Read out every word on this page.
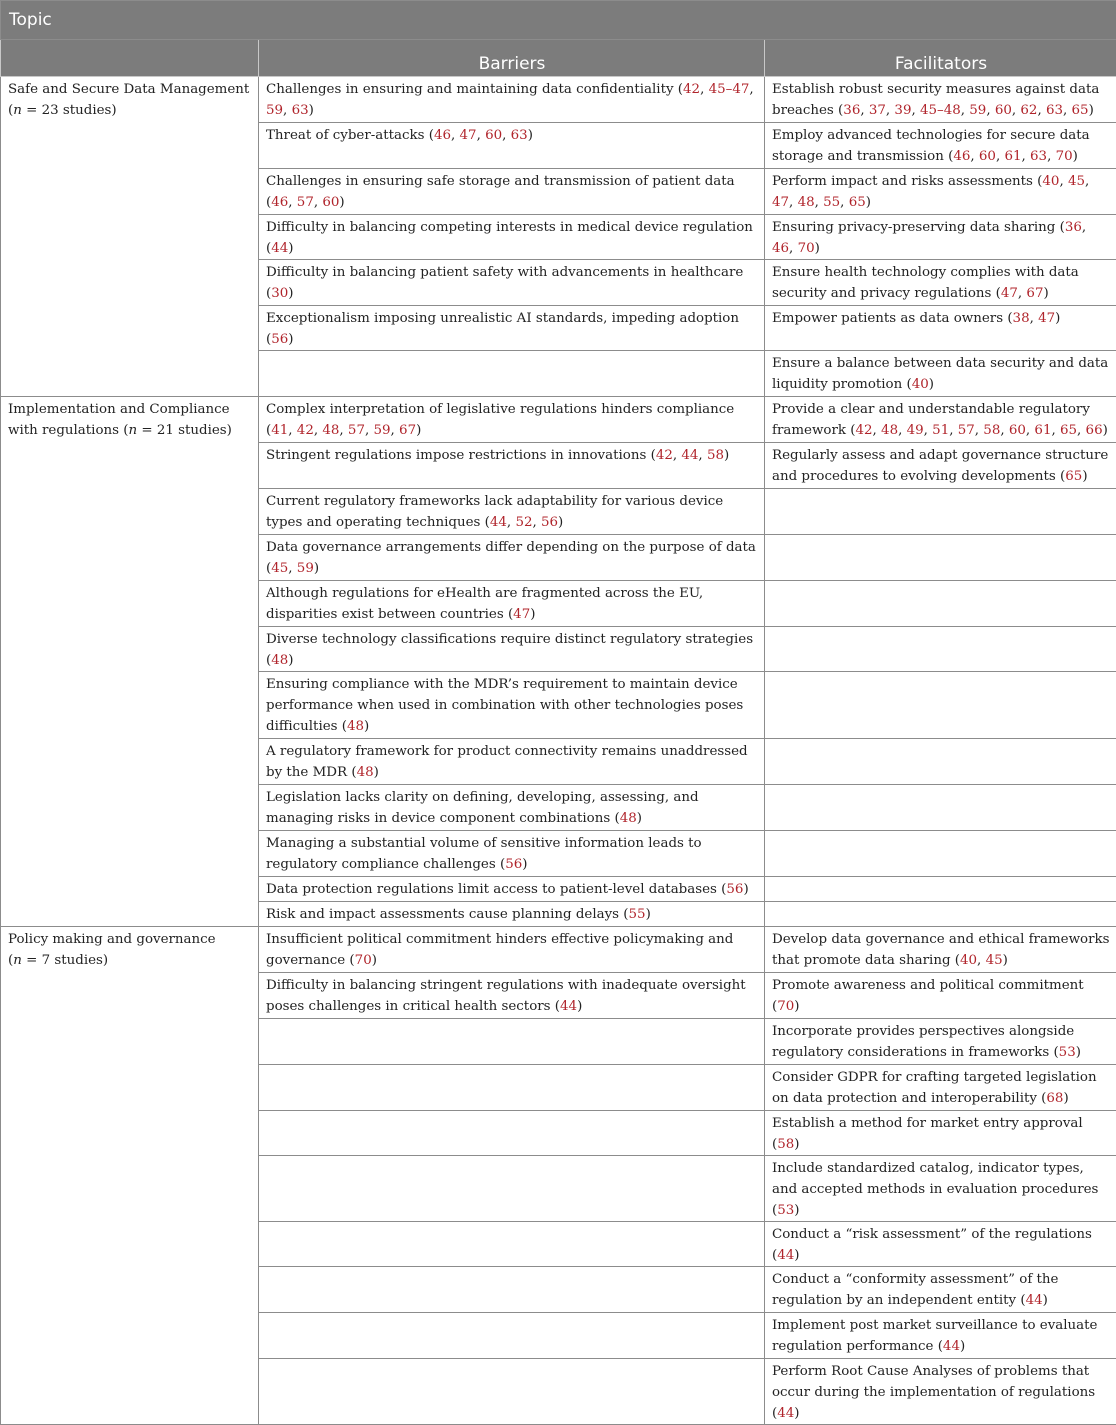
Topic		
	Barriers	Facilitators
Safe and Secure Data Management
(n = 23 studies)	Challenges in ensuring and maintaining data confidentiality (42, 45–47, 59, 63)	Establish robust security measures against data breaches (36, 37, 39, 45–48, 59, 60, 62, 63, 65)
	Threat of cyber-attacks (46, 47, 60, 63)	Employ advanced technologies for secure data storage and transmission (46, 60, 61, 63, 70)
	Challenges in ensuring safe storage and transmission of patient data (46, 57, 60)	Perform impact and risks assessments (40, 45, 47, 48, 55, 65)
	Difficulty in balancing competing interests in medical device regulation (44)	Ensuring privacy-preserving data sharing (36, 46, 70)
	Difficulty in balancing patient safety with advancements in healthcare (30)	Ensure health technology complies with data security and privacy regulations (47, 67)
	Exceptionalism imposing unrealistic AI standards, impeding adoption (56)	Empower patients as data owners (38, 47)
		Ensure a balance between data security and data liquidity promotion (40)
Implementation and Compliance with regulations (n = 21 studies)	Complex interpretation of legislative regulations hinders compliance (41, 42, 48, 57, 59, 67)	Provide a clear and understandable regulatory framework (42, 48, 49, 51, 57, 58, 60, 61, 65, 66)
	Stringent regulations impose restrictions in innovations (42, 44, 58)	Regularly assess and adapt governance structure and procedures to evolving developments (65)
	Current regulatory frameworks lack adaptability for various device types and operating techniques (44, 52, 56)	
	Data governance arrangements differ depending on the purpose of data (45, 59)	
	Although regulations for eHealth are fragmented across the EU, disparities exist between countries (47)	
	Diverse technology classifications require distinct regulatory strategies (48)	
	Ensuring compliance with the MDR’s requirement to maintain device performance when used in combination with other technologies poses difficulties (48)	
	A regulatory framework for product connectivity remains unaddressed by the MDR (48)	
	Legislation lacks clarity on defining, developing, assessing, and managing risks in device component combinations (48)	
	Managing a substantial volume of sensitive information leads to regulatory compliance challenges (56)	
	Data protection regulations limit access to patient-level databases (56)	
	Risk and impact assessments cause planning delays (55)	
Policy making and governance
(n = 7 studies)	Insufficient political commitment hinders effective policymaking and governance (70)	Develop data governance and ethical frameworks that promote data sharing (40, 45)
	Difficulty in balancing stringent regulations with inadequate oversight poses challenges in critical health sectors (44)	Promote awareness and political commitment (70)
		Incorporate provides perspectives alongside regulatory considerations in frameworks (53)
		Consider GDPR for crafting targeted legislation on data protection and interoperability (68)
		Establish a method for market entry approval (58)
		Include standardized catalog, indicator types, and accepted methods in evaluation procedures (53)
		Conduct a “risk assessment” of the regulations (44)
		Conduct a “conformity assessment” of the regulation by an independent entity (44)
		Implement post market surveillance to evaluate regulation performance (44)
		Perform Root Cause Analyses of problems that occur during the implementation of regulations (44)
